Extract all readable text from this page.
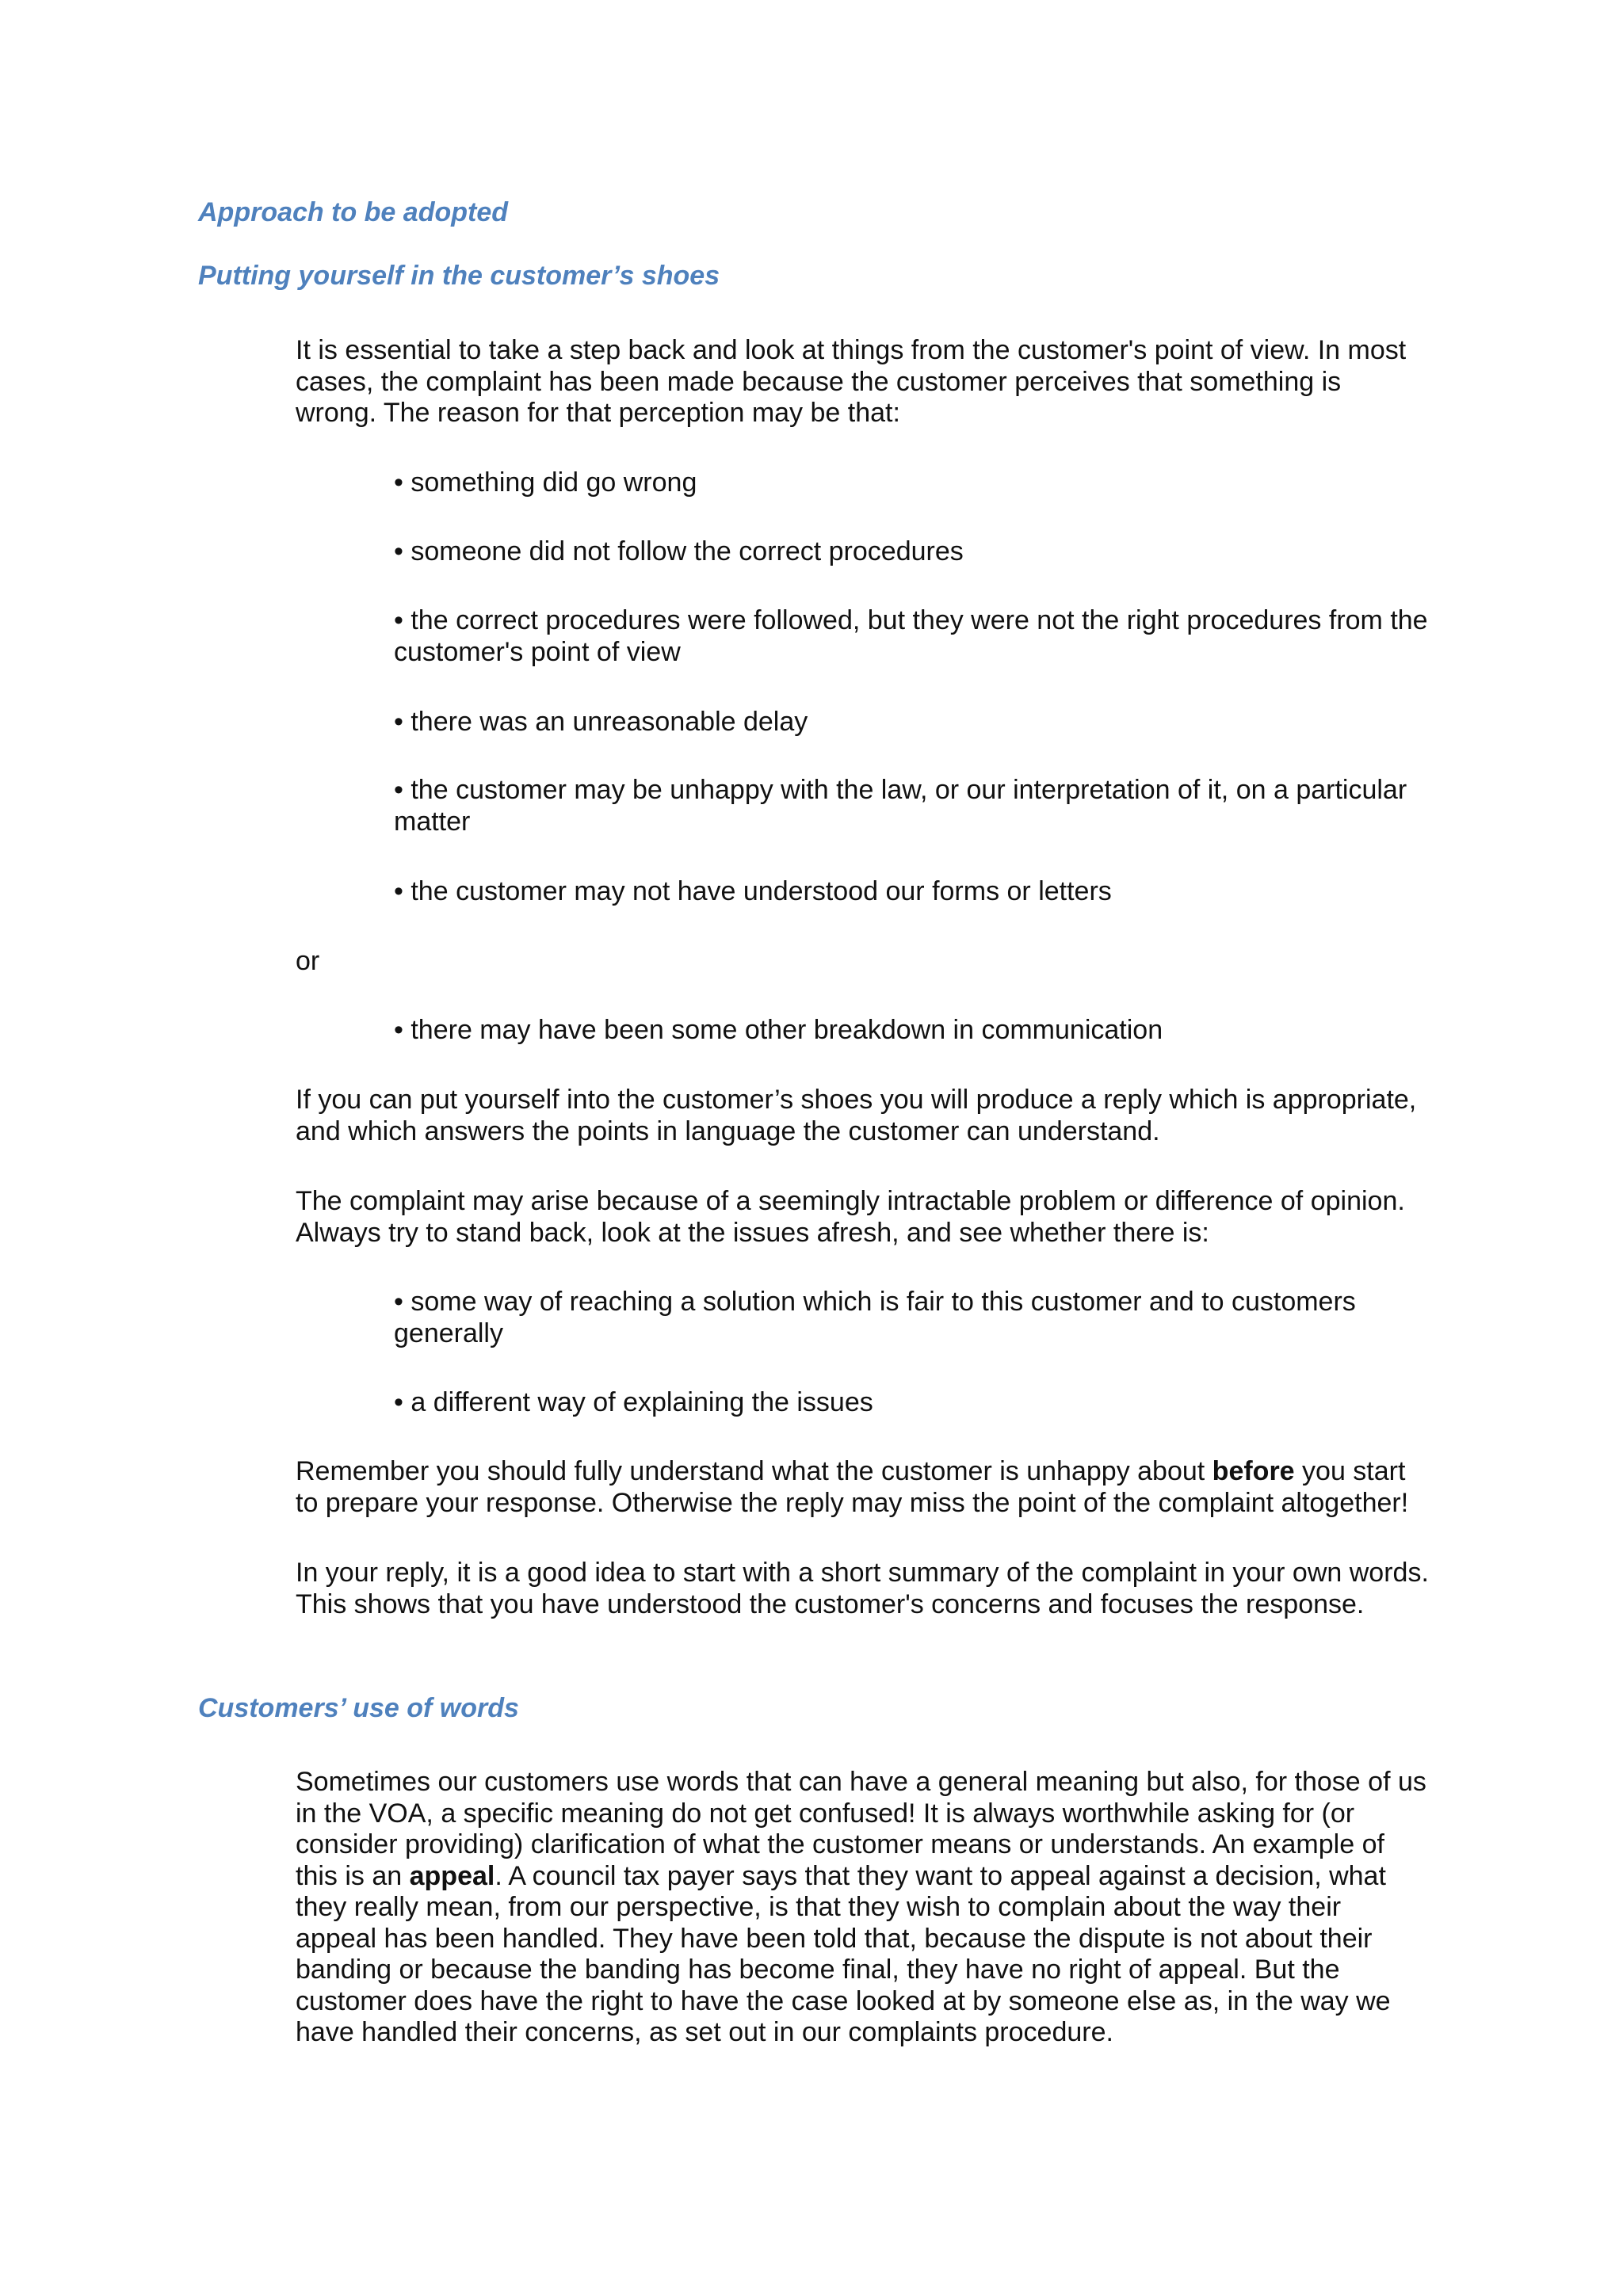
Approach to be adopted
Putting yourself in the customer’s shoes

It is essential to take a step back and look at things from the customer's point of view. In most cases, the complaint has been made because the customer perceives that something is wrong. The reason for that perception may be that:

• something did go wrong

• someone did not follow the correct procedures

• the correct procedures were followed, but they were not the right procedures from the customer's point of view

• there was an unreasonable delay

• the customer may be unhappy with the law, or our interpretation of it, on a particular matter

• the customer may not have understood our forms or letters

or

• there may have been some other breakdown in communication

If you can put yourself into the customer’s shoes you will produce a reply which is appropriate, and which answers the points in language the customer can understand.

The complaint may arise because of a seemingly intractable problem or difference of opinion. Always try to stand back, look at the issues afresh, and see whether there is:

• some way of reaching a solution which is fair to this customer and to customers generally

• a different way of explaining the issues

Remember you should fully understand what the customer is unhappy about before you start to prepare your response. Otherwise the reply may miss the point of the complaint altogether!

In your reply, it is a good idea to start with a short summary of the complaint in your own words. This shows that you have understood the customer's concerns and focuses the response.

Customers’ use of words

Sometimes our customers use words that can have a general meaning but also, for those of us in the VOA, a specific meaning do not get confused! It is always worthwhile asking for (or consider providing) clarification of what the customer means or understands. An example of this is an appeal. A council tax payer says that they want to appeal against a decision, what they really mean, from our perspective, is that they wish to complain about the way their appeal has been handled. They have been told that, because the dispute is not about their banding or because the banding has become final, they have no right of appeal. But the customer does have the right to have the case looked at by someone else as, in the way we have handled their concerns, as set out in our complaints procedure.
